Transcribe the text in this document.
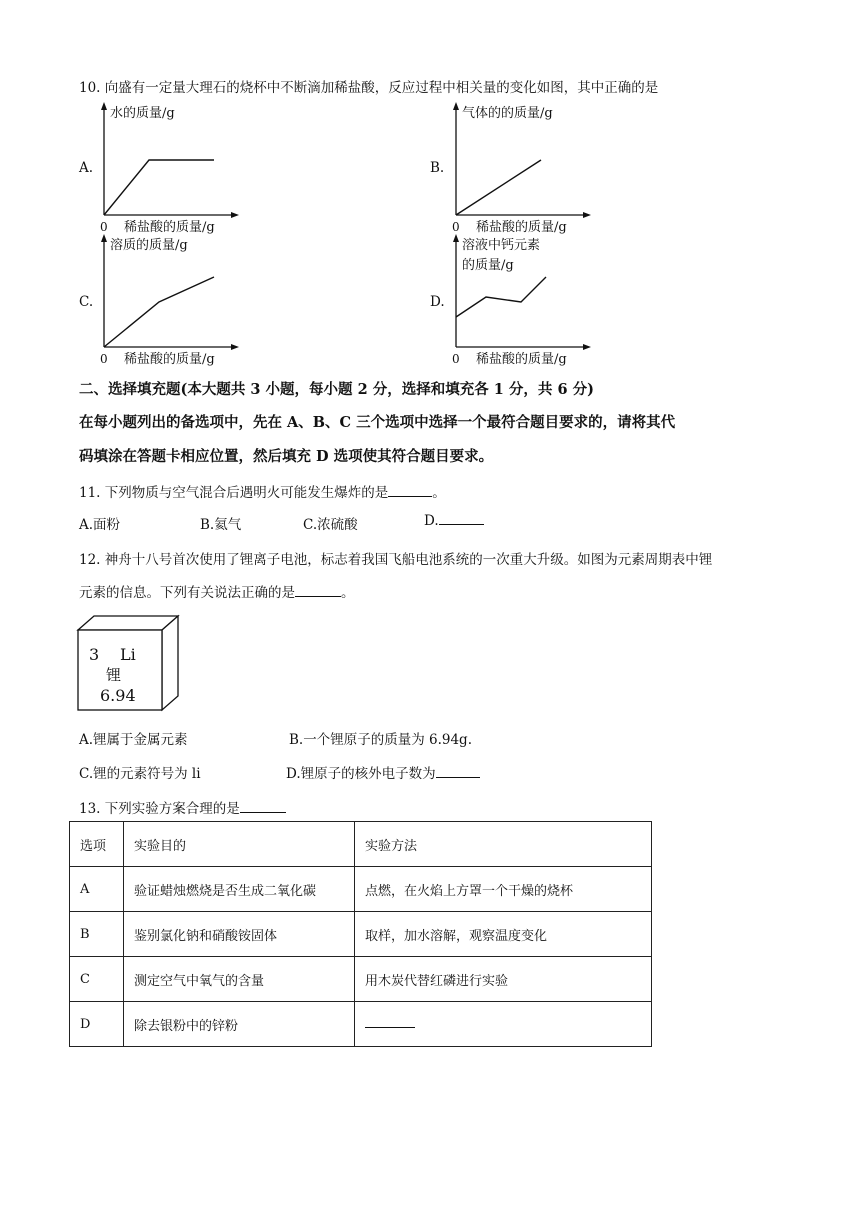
10. 向盛有一定量大理石的烧杯中不断滴加稀盐酸，反应过程中相关量的变化如图，其中正确的是
A.
水的质量/g
0 稀盐酸的质量/g
B.
气体的的质量/g
0 稀盐酸的质量/g
C.
溶质的质量/g
0 稀盐酸的质量/g
D.
溶液中钙元素
的质量/g
0 稀盐酸的质量/g
二、选择填充题(本大题共 3 小题，每小题 2 分，选择和填充各 1 分，共 6 分)
在每小题列出的备选项中，先在 A、B、C 三个选项中选择一个最符合题目要求的，请将其代
码填涂在答题卡相应位置，然后填充 D 选项使其符合题目要求。
11. 下列物质与空气混合后遇明火可能发生爆炸的是	。
A.面粉	B.氦气	C.浓硫酸	D.
12. 神舟十八号首次使用了锂离子电池，标志着我国飞船电池系统的一次重大升级。如图为元素周期表中锂
元素的信息。下列有关说法正确的是	。
3 Li
锂
6.94
A.锂属于金属元素	B.一个锂原子的质量为 6.94g.
C.锂的元素符号为 li	D.锂原子的核外电子数为
13. 下列实验方案合理的是
选项	实验目的	实验方法
A	验证蜡烛燃烧是否生成二氧化碳	点燃，在火焰上方罩一个干燥的烧杯
B	鉴别氯化钠和硝酸铵固体	取样，加水溶解，观察温度变化
C	测定空气中氧气的含量	用木炭代替红磷进行实验
D	除去银粉中的锌粉	
